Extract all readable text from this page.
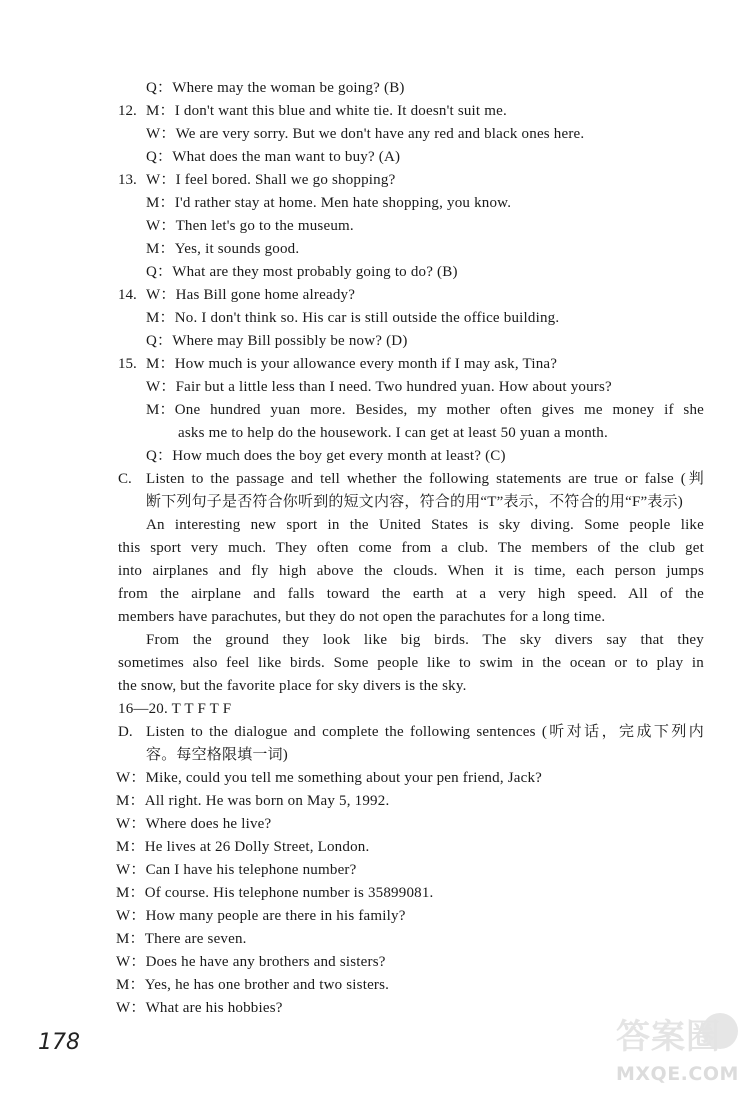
Q：Where may the woman be going? (B)
12. M：I don't want this blue and white tie. It doesn't suit me.
W：We are very sorry. But we don't have any red and black ones here.
Q：What does the man want to buy? (A)
13. W：I feel bored. Shall we go shopping?
M：I'd rather stay at home. Men hate shopping, you know.
W：Then let's go to the museum.
M：Yes, it sounds good.
Q：What are they most probably going to do? (B)
14. W：Has Bill gone home already?
M：No. I don't think so. His car is still outside the office building.
Q：Where may Bill possibly be now? (D)
15. M：How much is your allowance every month if I may ask, Tina?
W：Fair but a little less than I need. Two hundred yuan. How about yours?
M：One hundred yuan more. Besides, my mother often gives me money if she
asks me to help do the housework. I can get at least 50 yuan a month.
Q：How much does the boy get every month at least? (C)
C. Listen to the passage and tell whether the following statements are true or false (判
断下列句子是否符合你听到的短文内容，符合的用“T”表示，不符合的用“F”表示)
An interesting new sport in the United States is sky diving. Some people like
this sport very much. They often come from a club. The members of the club get
into airplanes and fly high above the clouds. When it is time, each person jumps
from the airplane and falls toward the earth at a very high speed. All of the
members have parachutes, but they do not open the parachutes for a long time.
From the ground they look like big birds. The sky divers say that they
sometimes also feel like birds. Some people like to swim in the ocean or to play in
the snow, but the favorite place for sky divers is the sky.
16—20. T T F T F
D. Listen to the dialogue and complete the following sentences (听对话，完成下列内
容。每空格限填一词)
W：Mike, could you tell me something about your pen friend, Jack?
M：All right. He was born on May 5, 1992.
W：Where does he live?
M：He lives at 26 Dolly Street, London.
W：Can I have his telephone number?
M：Of course. His telephone number is 35899081.
W：How many people are there in his family?
M：There are seven.
W：Does he have any brothers and sisters?
M：Yes, he has one brother and two sisters.
W：What are his hobbies?
178	答案圈
MXQE.COM
